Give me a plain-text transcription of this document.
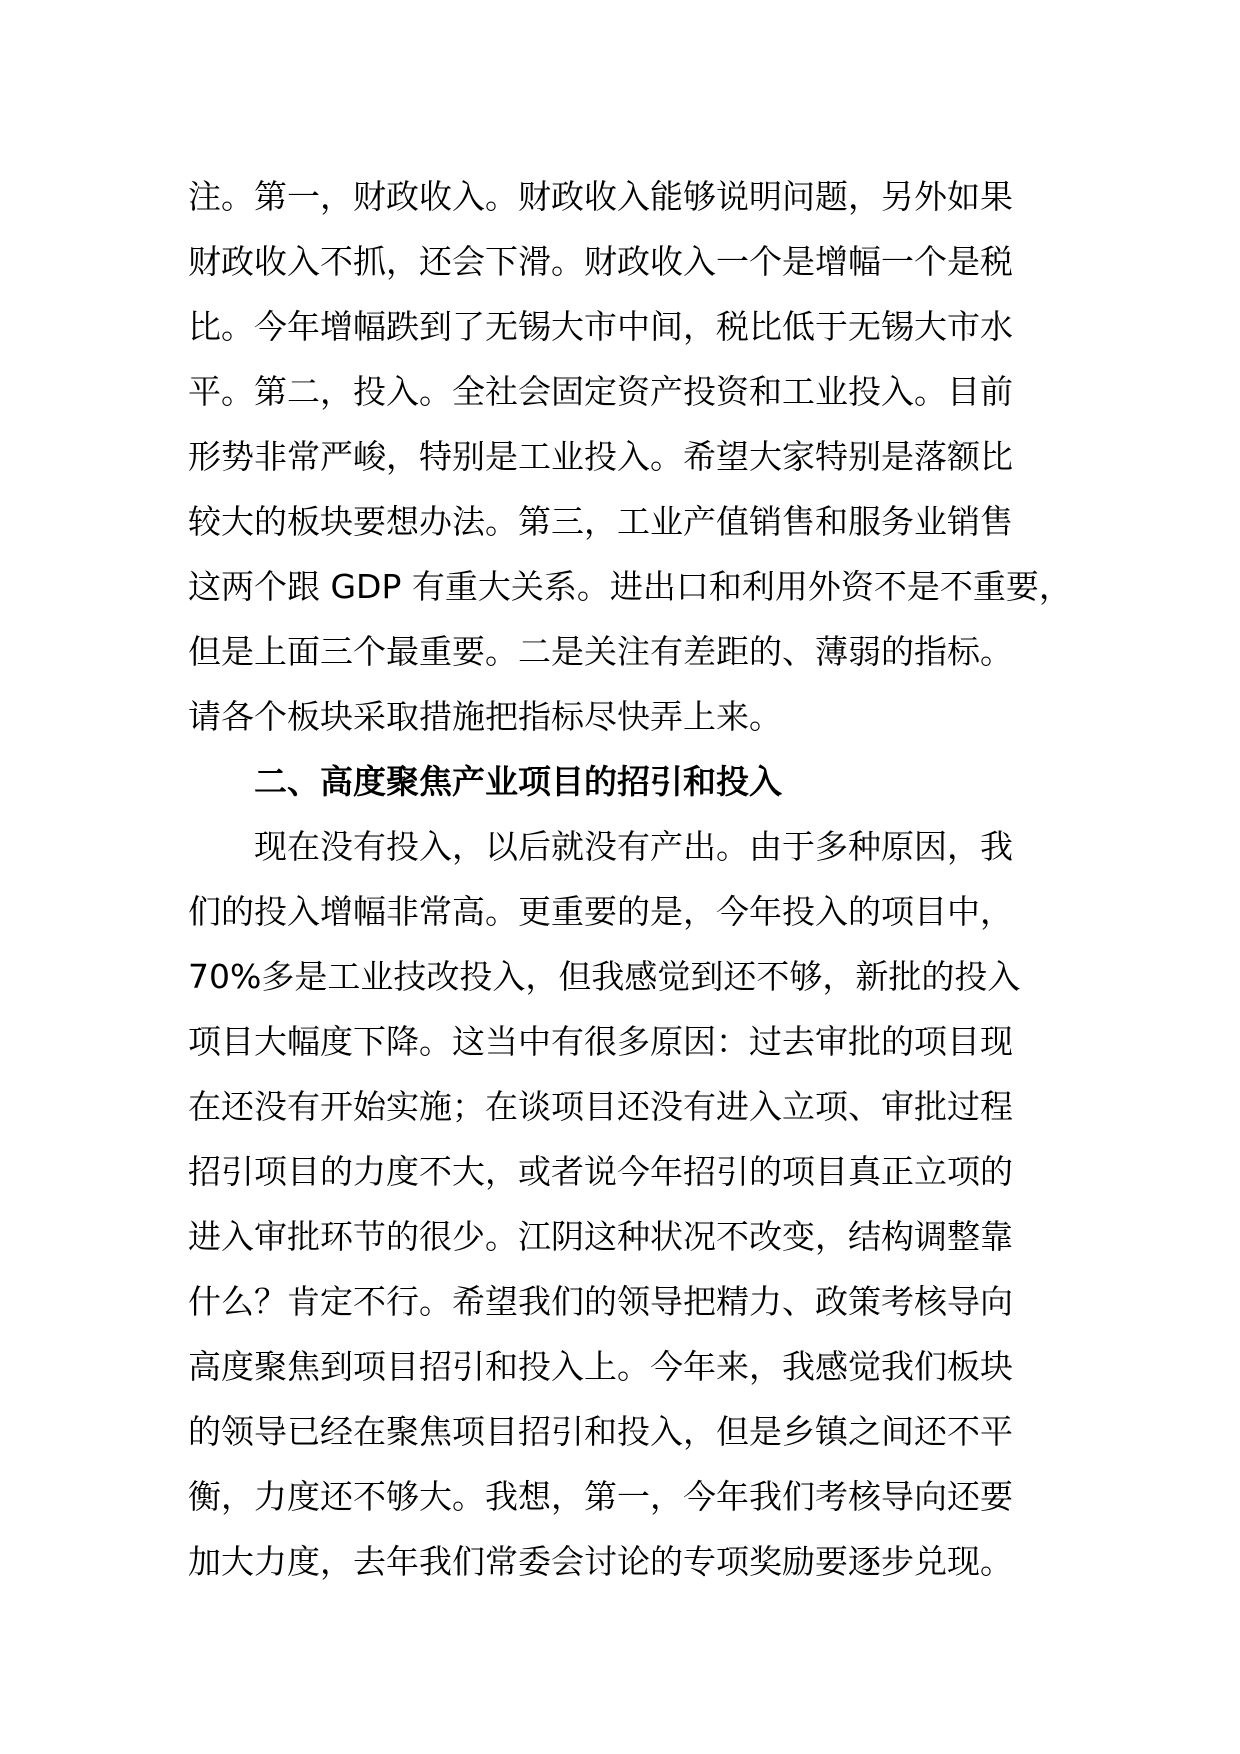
注。第一，财政收入。财政收入能够说明问题，另外如果
财政收入不抓，还会下滑。财政收入一个是增幅一个是税
比。今年增幅跌到了无锡大市中间，税比低于无锡大市水
平。第二，投入。全社会固定资产投资和工业投入。目前
形势非常严峻，特别是工业投入。希望大家特别是落额比
较大的板块要想办法。第三，工业产值销售和服务业销售
这两个跟 GDP 有重大关系。进出口和利用外资不是不重要，
但是上面三个最重要。二是关注有差距的、薄弱的指标。
请各个板块采取措施把指标尽快弄上来。
二、高度聚焦产业项目的招引和投入
现在没有投入，以后就没有产出。由于多种原因，我
们的投入增幅非常高。更重要的是，今年投入的项目中，
70%多是工业技改投入，但我感觉到还不够，新批的投入
项目大幅度下降。这当中有很多原因：过去审批的项目现
在还没有开始实施；在谈项目还没有进入立项、审批过程
招引项目的力度不大，或者说今年招引的项目真正立项的
进入审批环节的很少。江阴这种状况不改变，结构调整靠
什么？肯定不行。希望我们的领导把精力、政策考核导向
高度聚焦到项目招引和投入上。今年来，我感觉我们板块
的领导已经在聚焦项目招引和投入，但是乡镇之间还不平
衡，力度还不够大。我想，第一，今年我们考核导向还要
加大力度，去年我们常委会讨论的专项奖励要逐步兑现。
